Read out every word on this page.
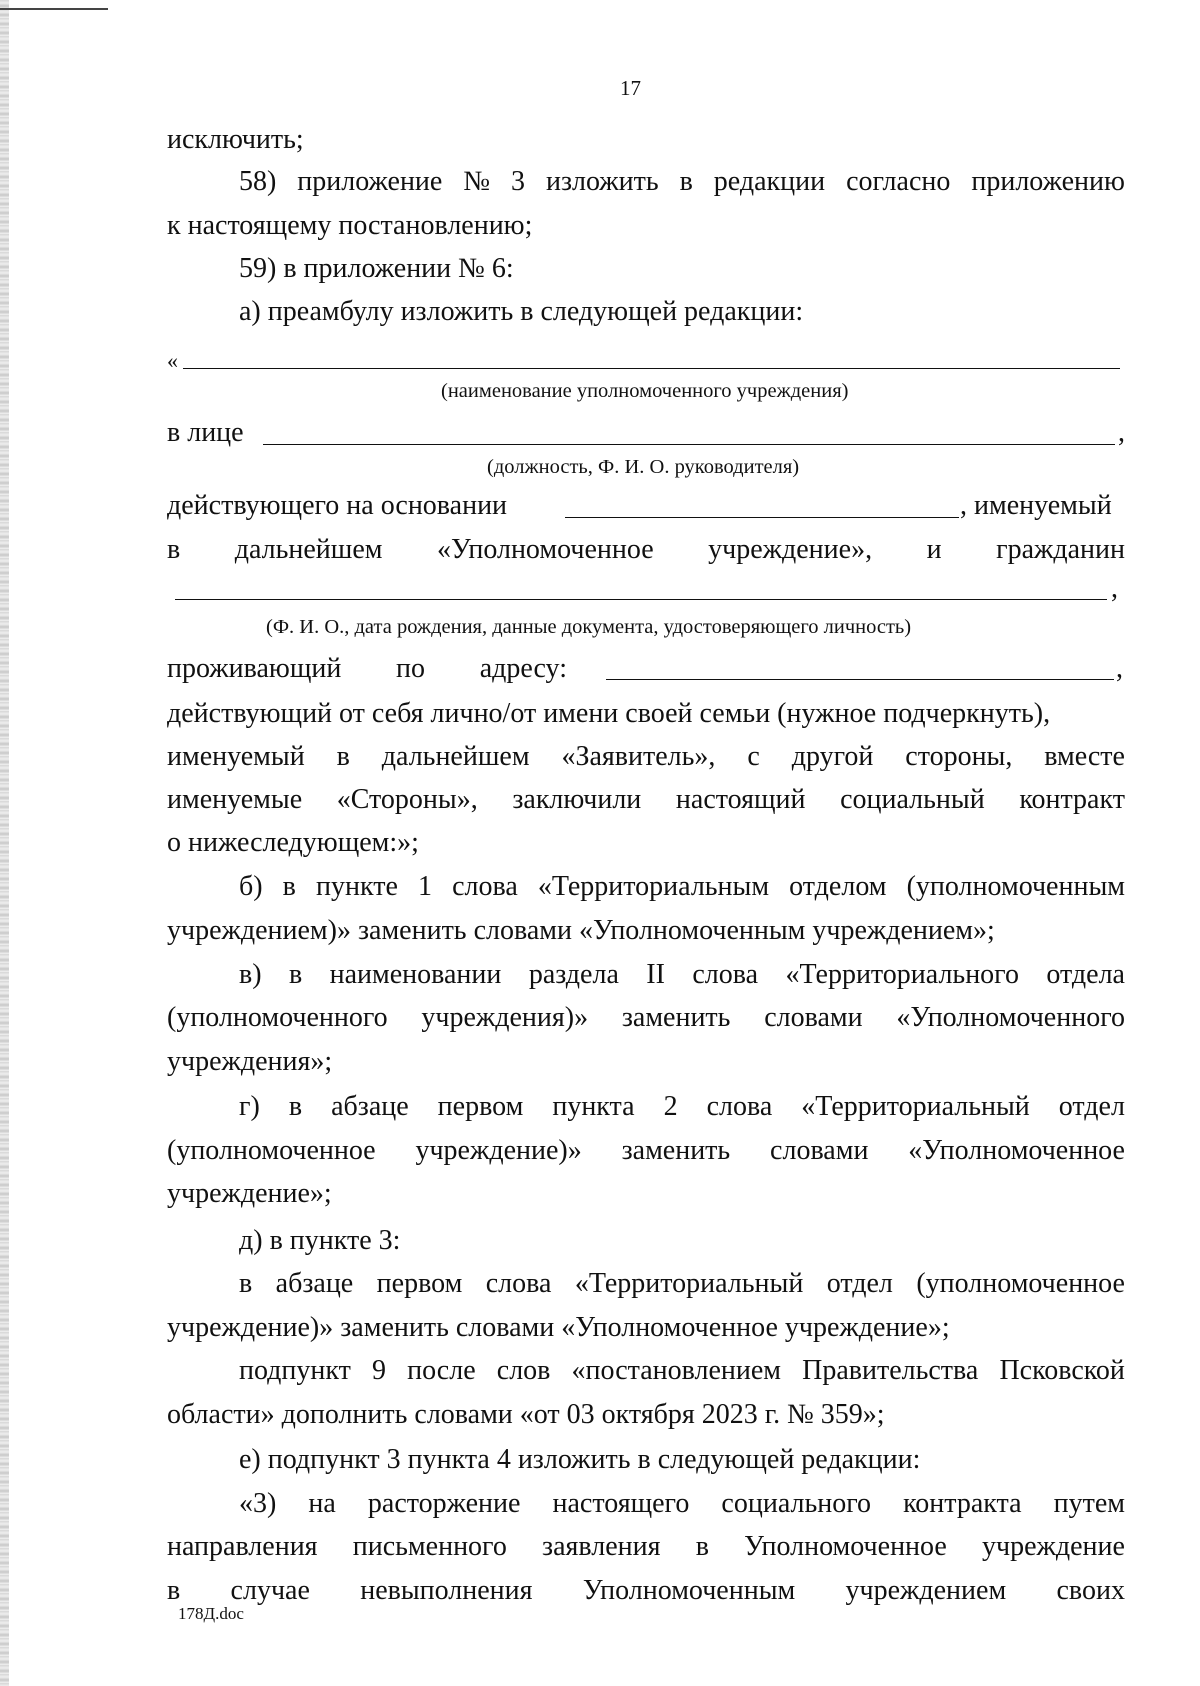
17
исключить;
58) приложение № 3 изложить в редакции согласно приложению
к настоящему постановлению;
59) в приложении № 6:
а) преамбулу изложить в следующей редакции:
«
(наименование уполномоченного учреждения)
в лице	,
(должность, Ф. И. О. руководителя)
действующего на основании	, именуемый
в дальнейшем «Уполномоченное учреждение», и гражданин
,
(Ф. И. О., дата рождения, данные документа, удостоверяющего личность)
проживающий по адресу:	,
действующий от себя лично/от имени своей семьи (нужное подчеркнуть),
именуемый в дальнейшем «Заявитель», с другой стороны, вместе
именуемые «Стороны», заключили настоящий социальный контракт
о нижеследующем:»;
б) в пункте 1 слова «Территориальным отделом (уполномоченным
учреждением)» заменить словами «Уполномоченным учреждением»;
в) в наименовании раздела II слова «Территориального отдела
(уполномоченного учреждения)» заменить словами «Уполномоченного
учреждения»;
г) в абзаце первом пункта 2 слова «Территориальный отдел
(уполномоченное учреждение)» заменить словами «Уполномоченное
учреждение»;
д) в пункте 3:
в абзаце первом слова «Территориальный отдел (уполномоченное
учреждение)» заменить словами «Уполномоченное учреждение»;
подпункт 9 после слов «постановлением Правительства Псковской
области» дополнить словами «от 03 октября 2023 г. № 359»;
е) подпункт 3 пункта 4 изложить в следующей редакции:
«3) на расторжение настоящего социального контракта путем
направления письменного заявления в Уполномоченное учреждение
в случае невыполнения Уполномоченным учреждением своих
178Д.doc
